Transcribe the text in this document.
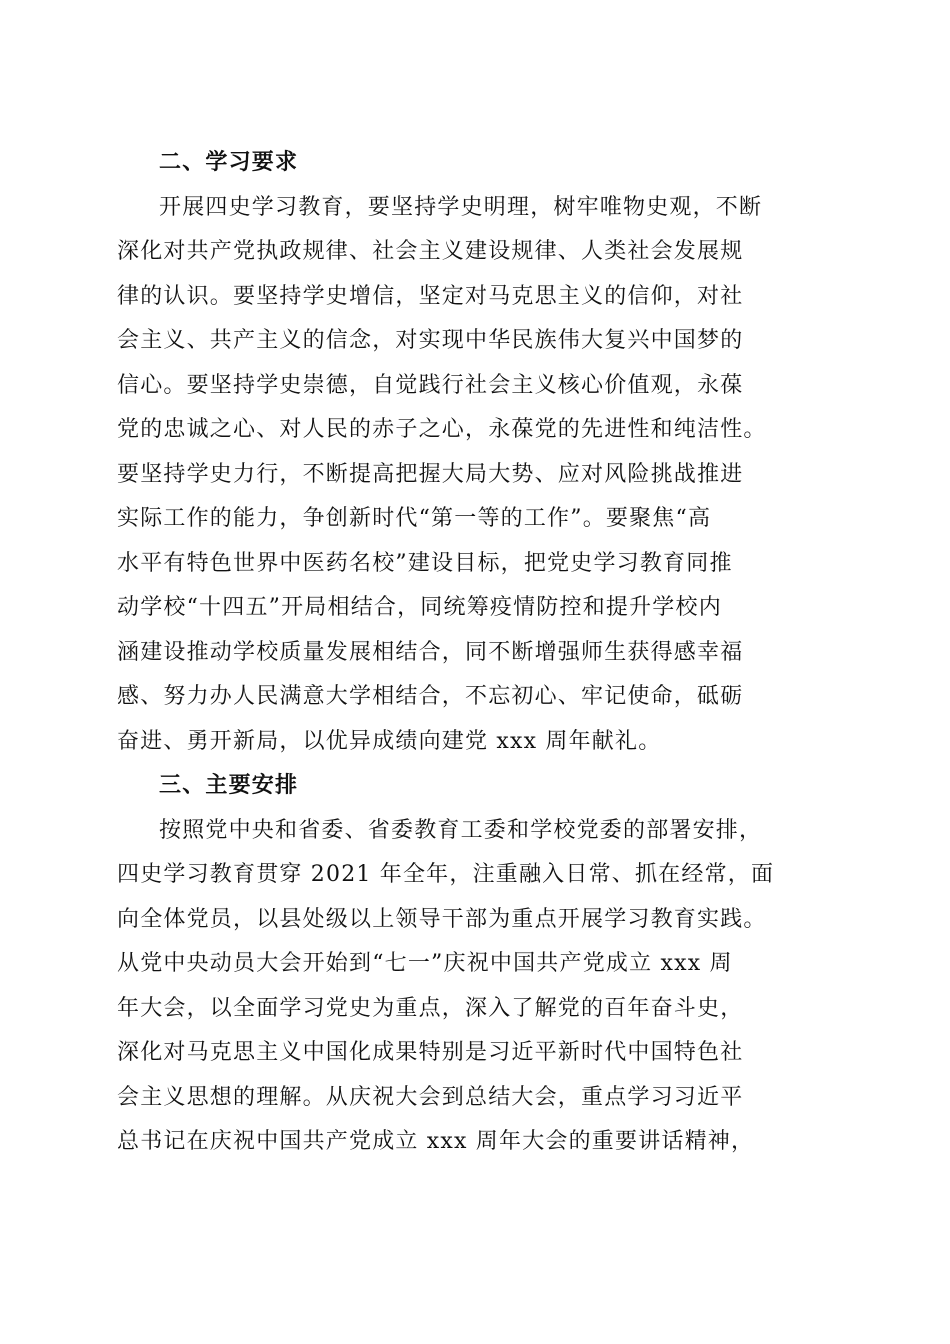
二、学习要求
开展四史学习教育，要坚持学史明理，树牢唯物史观，不断
深化对共产党执政规律、社会主义建设规律、人类社会发展规
律的认识。要坚持学史增信，坚定对马克思主义的信仰，对社
会主义、共产主义的信念，对实现中华民族伟大复兴中国梦的
信心。要坚持学史崇德，自觉践行社会主义核心价值观，永葆
党的忠诚之心、对人民的赤子之心，永葆党的先进性和纯洁性。
要坚持学史力行，不断提高把握大局大势、应对风险挑战推进
实际工作的能力，争创新时代“第一等的工作”。要聚焦“高
水平有特色世界中医药名校”建设目标，把党史学习教育同推
动学校“十四五”开局相结合，同统筹疫情防控和提升学校内
涵建设推动学校质量发展相结合，同不断增强师生获得感幸福
感、努力办人民满意大学相结合，不忘初心、牢记使命，砥砺
奋进、勇开新局，以优异成绩向建党 xxx 周年献礼。
三、主要安排
按照党中央和省委、省委教育工委和学校党委的部署安排，
四史学习教育贯穿 2021 年全年，注重融入日常、抓在经常，面
向全体党员，以县处级以上领导干部为重点开展学习教育实践。
从党中央动员大会开始到“七一”庆祝中国共产党成立 xxx 周
年大会，以全面学习党史为重点，深入了解党的百年奋斗史，
深化对马克思主义中国化成果特别是习近平新时代中国特色社
会主义思想的理解。从庆祝大会到总结大会，重点学习习近平
总书记在庆祝中国共产党成立 xxx 周年大会的重要讲话精神，
